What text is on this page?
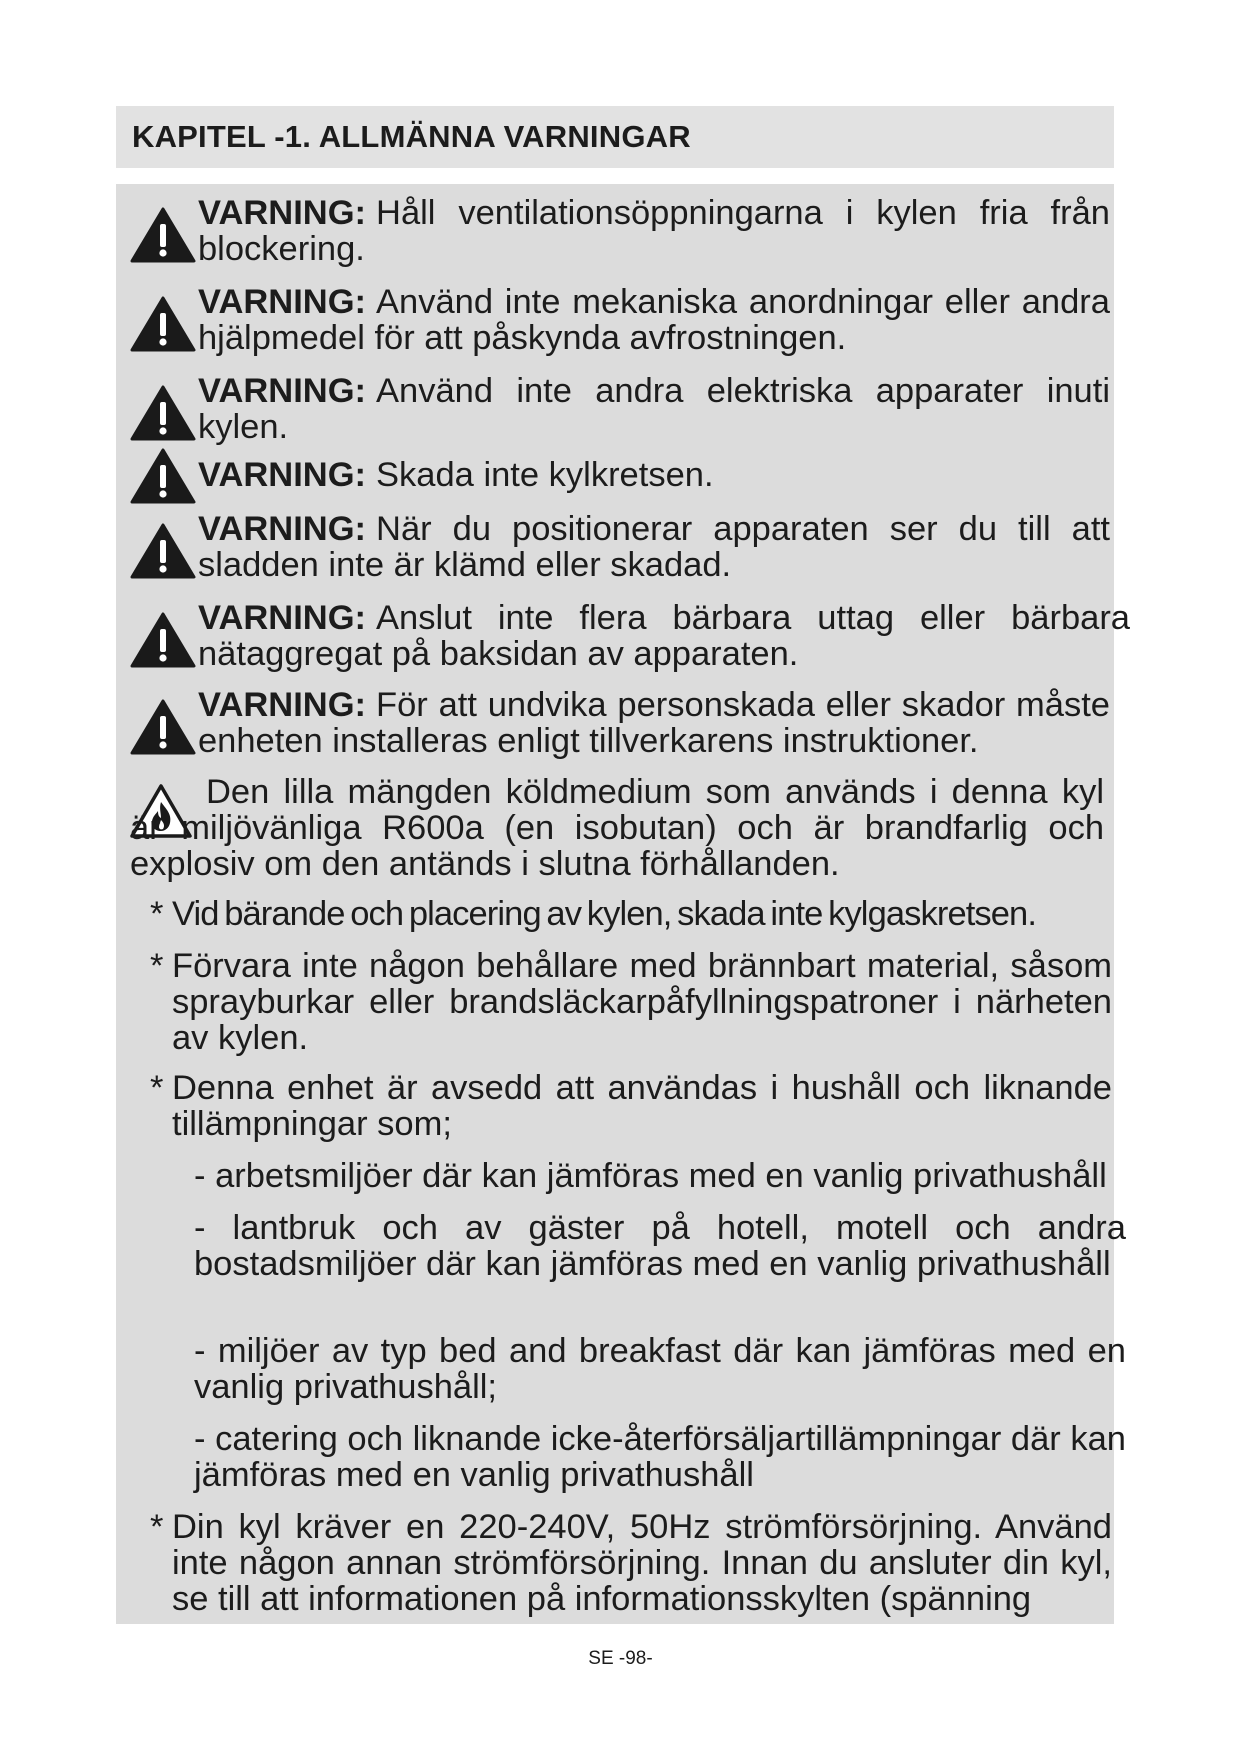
KAPITEL -1. ALLMÄNNA VARNINGAR
VARNING: Håll ventilationsöppningarna i kylen fria från blockering.
VARNING: Använd inte mekaniska anordningar eller andra hjälpmedel för att påskynda avfrostningen.
VARNING: Använd inte andra elektriska apparater inuti kylen.
VARNING: Skada inte kylkretsen.
VARNING: När du positionerar apparaten ser du till att sladden inte är klämd eller skadad.
VARNING: Anslut inte flera bärbara uttag eller bärbara nätaggregat på baksidan av apparaten.
VARNING: För att undvika personskada eller skador måste enheten installeras enligt tillverkarens instruktioner.
Den lilla mängden köldmedium som används i denna kyl är miljövänliga R600a (en isobutan) och är brandfarlig och explosiv om den antänds i slutna förhållanden.
* Vid bärande och placering av kylen, skada inte kylgaskretsen.
* Förvara inte någon behållare med brännbart material, såsom sprayburkar eller brandsläckarpåfyllningspatroner i närheten av kylen.
* Denna enhet är avsedd att användas i hushåll och liknande tillämpningar som;
- arbetsmiljöer där kan jämföras med en vanlig privathushåll
- lantbruk och av gäster på hotell, motell och andra bostadsmiljöer där kan jämföras med en vanlig privathushåll
- miljöer av typ bed and breakfast där kan jämföras med en vanlig privathushåll;
- catering och liknande icke-återförsäljartillämpningar där kan jämföras med en vanlig privathushåll
* Din kyl kräver en 220-240V, 50Hz strömförsörjning. Använd inte någon annan strömförsörjning. Innan du ansluter din kyl, se till att informationen på informationsskylten (spänning
SE -98-
